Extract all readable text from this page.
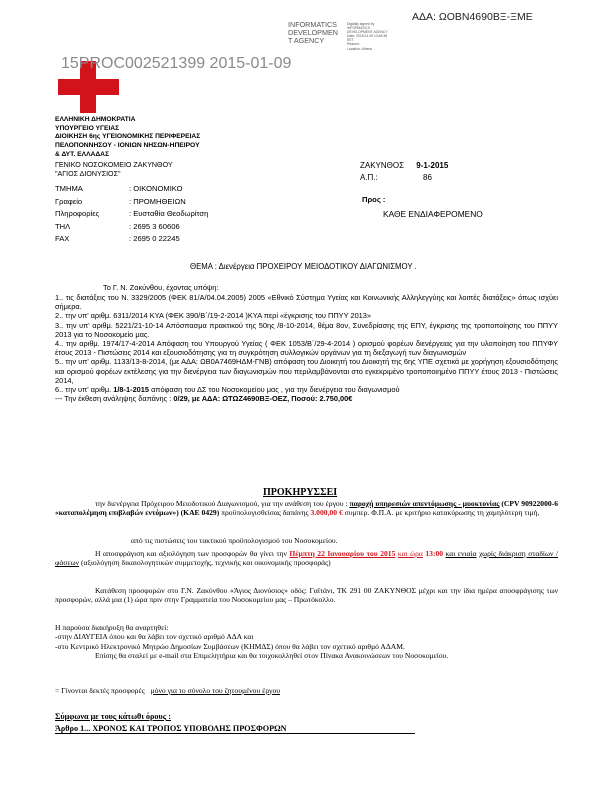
INFORMATICS
DEVELOPMEN
T AGENCY
Digitally signed by
INFORMATICS
DEVELOPMENT AGENCY
Date: 2015.01.09 13:46:36
EET
Reason:
Location: Athens
ΑΔΑ: ΩΟΒΝ4690ΒΞ-ΞΜΕ
15PROC002521399 2015-01-09
ΕΛΛΗΝΙΚΗ ΔΗΜΟΚΡΑΤΙΑ
ΥΠΟΥΡΓΕΙΟ ΥΓΕΙΑΣ
ΔΙΟΙΚΗΣΗ 6ης ΥΓΕΙΟΝΟΜΙΚΗΣ ΠΕΡΙΦΕΡΕΙΑΣ
ΠΕΛΟΠΟΝΝΗΣΟΥ - ΙΟΝΙΩΝ ΝΗΣΩΝ-ΗΠΕΙΡΟΥ
& ΔΥΤ. ΕΛΛΑΔΑΣ
ΓΕΝΙΚΟ ΝΟΣΟΚΟΜΕΙΟ ΖΑΚΥΝΘΟΥ
"ΑΓΙΟΣ ΔΙΟΝΥΣΙΟΣ"
ΤΜΗΜΑ	: ΟΙΚΟΝΟΜΙΚΟ
Γραφείο	: ΠΡΟΜΗΘΕΙΩΝ
Πληροφορίες	: Ευσταθία Θεοδωρίτση
ΤΗΛ	: 2695 3 60606
FAX	: 2695 0 22245
ΖΑΚΥΝΘΟΣ 9-1-2015
Α.Π.:	86
Προς :
ΚΑΘΕ ΕΝΔΙΑΦΕΡΟΜΕΝΟ
ΘΕΜΑ : Διενέργεια ΠΡΟΧΕΙΡΟΥ ΜΕΙΟΔΟΤΙΚΟΥ ΔΙΑΓΩΝΙΣΜΟΥ .
Το Γ. Ν. Ζακύνθου, έχοντας υπόψη:
1.. τις διατάξεις του Ν. 3329/2005 (ΦΕΚ 81/Α/04.04.2005) 2005 «Εθνικό Σύστημα Υγείας και Κοινωνικής Αλληλεγγύης και λοιπές διατάξεις» όπως ισχύει σήμερα.
2.. την υπ' αριθμ. 6311/2014 ΚΥΑ (ΦΕΚ 390/Β΄/19-2-2014 )ΚΥΑ περί «έγκρισης του ΠΠΥΥ 2013»
3.. την υπ' αριθμ. 5221/21-10-14 Απόσπασμα πρακτικού της 50ης /8-10-2014, θέμα 8ον, Συνεδρίασης της ΕΠΥ, έγκρισης της τροποποίησης του ΠΠΥΥ 2013 για το Νοσοκομείο μας.
4.. την αριθμ. 1974/17-4-2014 Απόφαση του Υπουργού Υγείας ( ΦΕΚ 1053/Β΄/29-4-2014 ) ορισμού φορέων διενέργειας για την υλοποίηση του ΠΠΥΦΥ έτους 2013 - Πιστώσεις 2014 και εξουσιοδότησης για τη συγκρότηση συλλογικών οργάνων για τη διεξαγωγή των διαγωνισμών
5.. την υπ' αριθμ. 1133/13-8-2014, (με ΑΔΑ: ΩΒ0Α7469ΗΔΜ-ΓΝΒ) απόφαση του Διοικητή του Διοικητή της 6ης ΥΠΕ σχετικά με χορήγηση εξουσιοδότησης και ορισμού φορέων εκτέλεσης για την διενέργεια των διαγωνισμών που περιλαμβάνονται στο εγκεκριμένο τροποποιημένο ΠΠΥΥ έτους 2013 - Πιστώσεις 2014,
6.. την υπ' αριθμ. 1/8-1-2015 απόφαση του ΔΣ του Νοσοκομείου μας , για την διενέργεια του διαγωνισμού
--- Την έκθεση ανάληψης δαπάνης : 0/29, με ΑΔΑ: ΩΤΩΖ4690ΒΞ-ΟΕΖ, Ποσού: 2.750,00€
ΠΡΟΚΗΡΥΣΣΕΙ
την διενέργεια Πρόχειρου Μειοδοτικού Διαγωνισμού, για την ανάθεση του έργου : παροχή υπηρεσιών απεντόμωσης - μυοκτονίας (CPV 90922000-6 «καταπολέμηση επιβλαβών εντόμων») (ΚΑΕ 0429) προϋπολογισθείσας δαπάνης 3.000,00 € συμπερ. Φ.Π.Α. με κριτήριο κατακύρωσης τη χαμηλότερη τιμή,
από τις πιστώσεις του τακτικού προϋπολογισμού του Νοσοκομείου.
Η αποσφράγιση και αξιολόγηση των προσφορών θα γίνει την Πέμπτη 22 Ιανουαρίου του 2015 και ώρα 13:00 και ενιαία χωρίς διάκριση σταδίων / φάσεων (αξιολόγηση δικαιολογητικών συμμετοχής, τεχνικής και οικονομικής προσφοράς)
Κατάθεση προσφορών στο Γ.Ν. Ζακύνθου «Άγιος Διονύσιος» οδός: Γαϊτάνι, ΤΚ 291 00 ΖΑΚΥΝΘΟΣ μέχρι και την ίδια ημέρα αποσφράγισης των προσφορών, αλλά μια (1) ώρα πριν στην Γραμματεία του Νοσοκομείου μας – Πρωτόκολλο.
Η παρούσα διακήρυξη θα αναρτηθεί:
-στην ΔΙΑΥΓΕΙΑ όπου και θα λάβει τον σχετικό αριθμό ΑΔΑ και
-στο Κεντρικό Ηλεκτρονικό Μητρώο Δημοσίων Συμβάσεων (ΚΗΜΔΣ) όπου θα λάβει τον σχετικό αριθμό ΑΔΑΜ.
Επίσης θα σταλεί με e-mail στα Επιμελητήρια και θα τοιχοκολληθεί στον Πίνακα Ανακοινώσεων του Νοσοκομείου.
= Γίνονται δεκτές προσφορές μόνο για το σύνολο του ζητουμένου έργου
Σύμφωνα με τους κάτωθι όρους :
Άρθρο 1... ΧΡΟΝΟΣ ΚΑΙ ΤΡΟΠΟΣ ΥΠΟΒΟΛΗΣ ΠΡΟΣΦΟΡΩΝ
